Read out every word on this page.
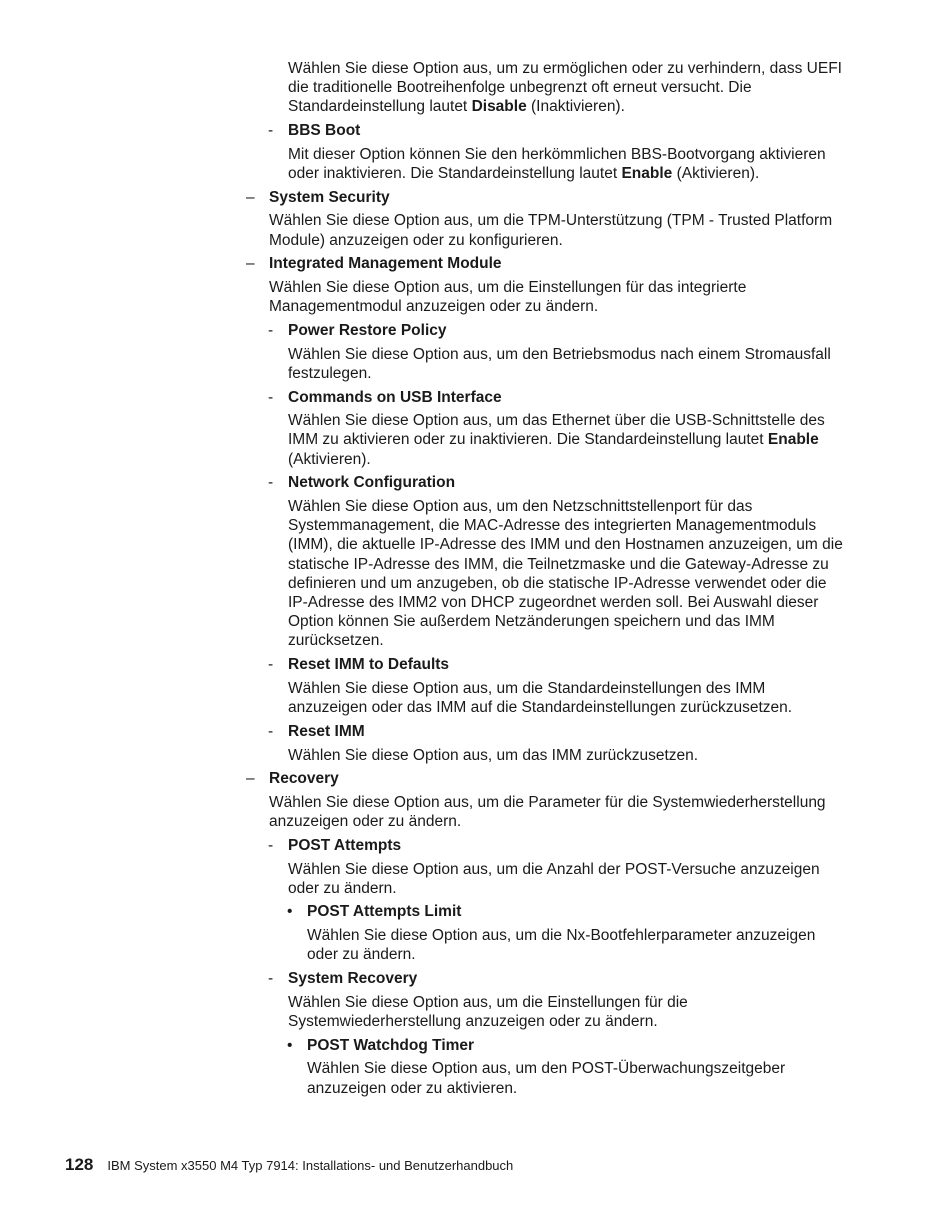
Wählen Sie diese Option aus, um zu ermöglichen oder zu verhindern, dass UEFI die traditionelle Bootreihenfolge unbegrenzt oft erneut versucht. Die Standardeinstellung lautet Disable (Inaktivieren).
- BBS Boot
Mit dieser Option können Sie den herkömmlichen BBS-Bootvorgang aktivieren oder inaktivieren. Die Standardeinstellung lautet Enable (Aktivieren).
– System Security
Wählen Sie diese Option aus, um die TPM-Unterstützung (TPM - Trusted Platform Module) anzuzeigen oder zu konfigurieren.
– Integrated Management Module
Wählen Sie diese Option aus, um die Einstellungen für das integrierte Managementmodul anzuzeigen oder zu ändern.
- Power Restore Policy
Wählen Sie diese Option aus, um den Betriebsmodus nach einem Stromausfall festzulegen.
- Commands on USB Interface
Wählen Sie diese Option aus, um das Ethernet über die USB-Schnittstelle des IMM zu aktivieren oder zu inaktivieren. Die Standardeinstellung lautet Enable (Aktivieren).
- Network Configuration
Wählen Sie diese Option aus, um den Netzschnittstellenport für das Systemmanagement, die MAC-Adresse des integrierten Managementmoduls (IMM), die aktuelle IP-Adresse des IMM und den Hostnamen anzuzeigen, um die statische IP-Adresse des IMM, die Teilnetzmaske und die Gateway-Adresse zu definieren und um anzugeben, ob die statische IP-Adresse verwendet oder die IP-Adresse des IMM2 von DHCP zugeordnet werden soll. Bei Auswahl dieser Option können Sie außerdem Netzänderungen speichern und das IMM zurücksetzen.
- Reset IMM to Defaults
Wählen Sie diese Option aus, um die Standardeinstellungen des IMM anzuzeigen oder das IMM auf die Standardeinstellungen zurückzusetzen.
- Reset IMM
Wählen Sie diese Option aus, um das IMM zurückzusetzen.
– Recovery
Wählen Sie diese Option aus, um die Parameter für die Systemwiederherstellung anzuzeigen oder zu ändern.
- POST Attempts
Wählen Sie diese Option aus, um die Anzahl der POST-Versuche anzuzeigen oder zu ändern.
• POST Attempts Limit
Wählen Sie diese Option aus, um die Nx-Bootfehlerparameter anzuzeigen oder zu ändern.
- System Recovery
Wählen Sie diese Option aus, um die Einstellungen für die Systemwiederherstellung anzuzeigen oder zu ändern.
• POST Watchdog Timer
Wählen Sie diese Option aus, um den POST-Überwachungszeitgeber anzuzeigen oder zu aktivieren.
128 IBM System x3550 M4 Typ 7914: Installations- und Benutzerhandbuch
